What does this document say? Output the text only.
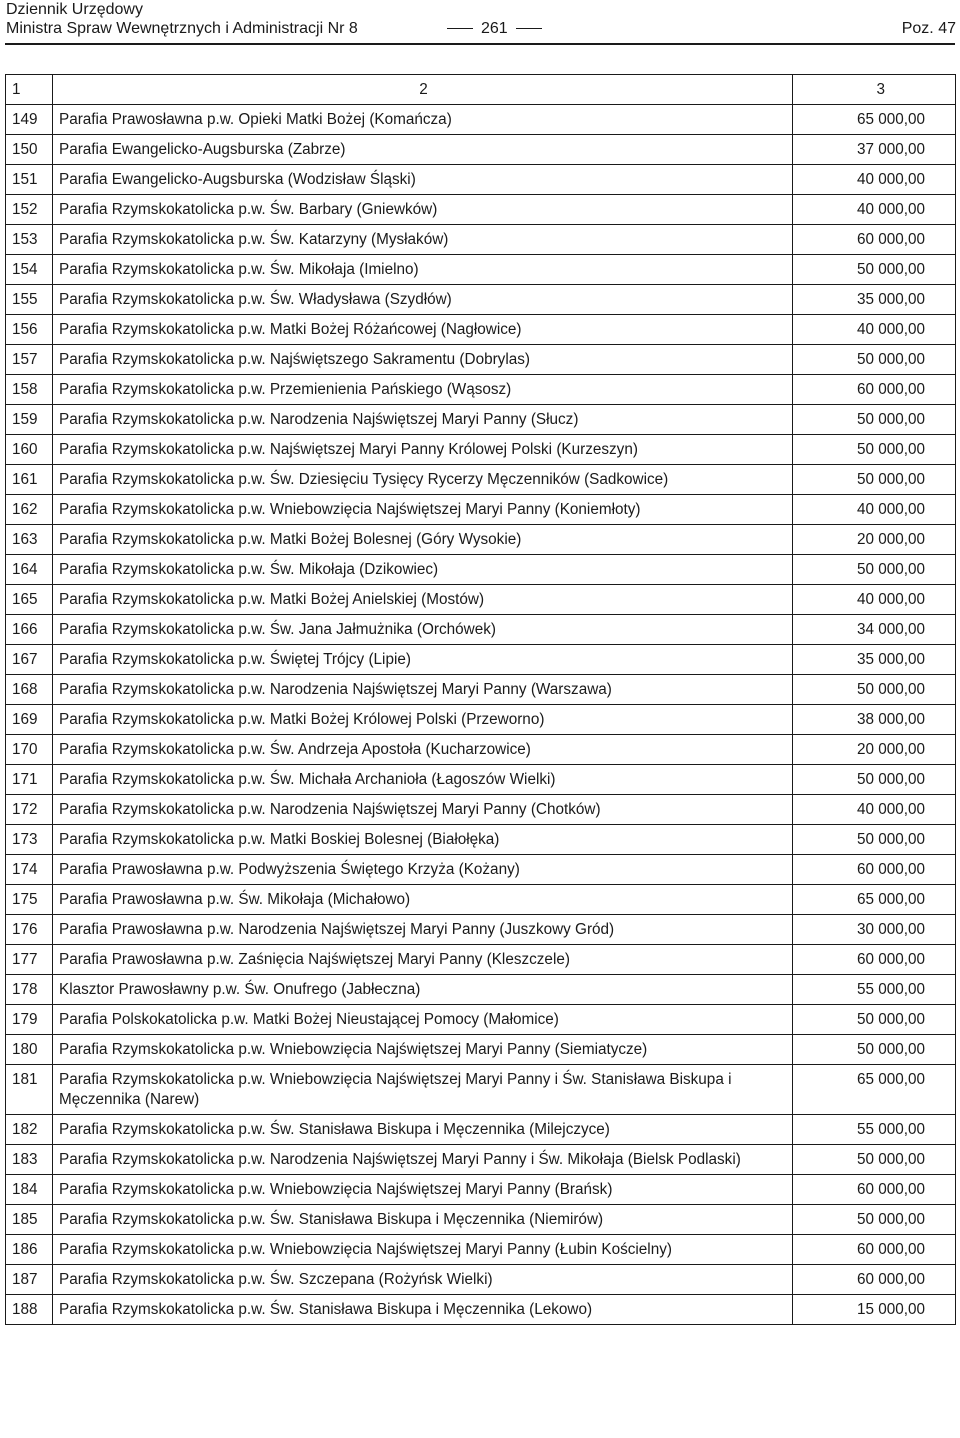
Dziennik Urzędowy
Ministra Spraw Wewnętrznych i Administracji Nr 8	261	Poz. 47
1	2	3
149	Parafia Prawosławna p.w. Opieki Matki Bożej (Komańcza)	65 000,00
150	Parafia Ewangelicko-Augsburska (Zabrze)	37 000,00
151	Parafia Ewangelicko-Augsburska (Wodzisław Śląski)	40 000,00
152	Parafia Rzymskokatolicka p.w. Św. Barbary (Gniewków)	40 000,00
153	Parafia Rzymskokatolicka p.w. Św. Katarzyny (Mysłaków)	60 000,00
154	Parafia Rzymskokatolicka p.w. Św. Mikołaja (Imielno)	50 000,00
155	Parafia Rzymskokatolicka p.w. Św. Władysława (Szydłów)	35 000,00
156	Parafia Rzymskokatolicka p.w. Matki Bożej Różańcowej (Nagłowice)	40 000,00
157	Parafia Rzymskokatolicka p.w. Najświętszego Sakramentu (Dobrylas)	50 000,00
158	Parafia Rzymskokatolicka p.w. Przemienienia Pańskiego (Wąsosz)	60 000,00
159	Parafia Rzymskokatolicka p.w. Narodzenia Najświętszej Maryi Panny (Słucz)	50 000,00
160	Parafia Rzymskokatolicka p.w. Najświętszej Maryi Panny Królowej Polski (Kurzeszyn)	50 000,00
161	Parafia Rzymskokatolicka p.w. Św. Dziesięciu Tysięcy Rycerzy Męczenników (Sadkowice)	50 000,00
162	Parafia Rzymskokatolicka p.w. Wniebowzięcia Najświętszej Maryi Panny (Koniemłoty)	40 000,00
163	Parafia Rzymskokatolicka p.w. Matki Bożej Bolesnej (Góry Wysokie)	20 000,00
164	Parafia Rzymskokatolicka p.w. Św. Mikołaja (Dzikowiec)	50 000,00
165	Parafia Rzymskokatolicka p.w. Matki Bożej Anielskiej (Mostów)	40 000,00
166	Parafia Rzymskokatolicka p.w. Św. Jana Jałmużnika (Orchówek)	34 000,00
167	Parafia Rzymskokatolicka p.w. Świętej Trójcy (Lipie)	35 000,00
168	Parafia Rzymskokatolicka p.w. Narodzenia Najświętszej Maryi Panny (Warszawa)	50 000,00
169	Parafia Rzymskokatolicka p.w. Matki Bożej Królowej Polski (Przeworno)	38 000,00
170	Parafia Rzymskokatolicka p.w. Św. Andrzeja Apostoła (Kucharzowice)	20 000,00
171	Parafia Rzymskokatolicka p.w. Św. Michała Archanioła (Łagoszów Wielki)	50 000,00
172	Parafia Rzymskokatolicka p.w. Narodzenia Najświętszej Maryi Panny (Chotków)	40 000,00
173	Parafia Rzymskokatolicka p.w. Matki Boskiej Bolesnej (Białołęka)	50 000,00
174	Parafia Prawosławna p.w. Podwyższenia Świętego Krzyża (Kożany)	60 000,00
175	Parafia Prawosławna p.w. Św. Mikołaja (Michałowo)	65 000,00
176	Parafia Prawosławna p.w. Narodzenia Najświętszej Maryi Panny (Juszkowy Gród)	30 000,00
177	Parafia Prawosławna p.w. Zaśnięcia Najświętszej Maryi Panny (Kleszczele)	60 000,00
178	Klasztor Prawosławny p.w. Św. Onufrego (Jabłeczna)	55 000,00
179	Parafia Polskokatolicka p.w. Matki Bożej Nieustającej Pomocy (Małomice)	50 000,00
180	Parafia Rzymskokatolicka p.w. Wniebowzięcia Najświętszej Maryi Panny (Siemiatycze)	50 000,00
181	Parafia Rzymskokatolicka p.w. Wniebowzięcia Najświętszej Maryi Panny i Św. Stanisława Biskupa i Męczennika (Narew)	65 000,00
182	Parafia Rzymskokatolicka p.w. Św. Stanisława Biskupa i Męczennika (Milejczyce)	55 000,00
183	Parafia Rzymskokatolicka p.w. Narodzenia Najświętszej Maryi Panny i Św. Mikołaja (Bielsk Podlaski)	50 000,00
184	Parafia Rzymskokatolicka p.w. Wniebowzięcia Najświętszej Maryi Panny (Brańsk)	60 000,00
185	Parafia Rzymskokatolicka p.w. Św. Stanisława Biskupa i Męczennika (Niemirów)	50 000,00
186	Parafia Rzymskokatolicka p.w. Wniebowzięcia Najświętszej Maryi Panny (Łubin Kościelny)	60 000,00
187	Parafia Rzymskokatolicka p.w. Św. Szczepana (Rożyńsk Wielki)	60 000,00
188	Parafia Rzymskokatolicka p.w. Św. Stanisława Biskupa i Męczennika (Lekowo)	15 000,00
